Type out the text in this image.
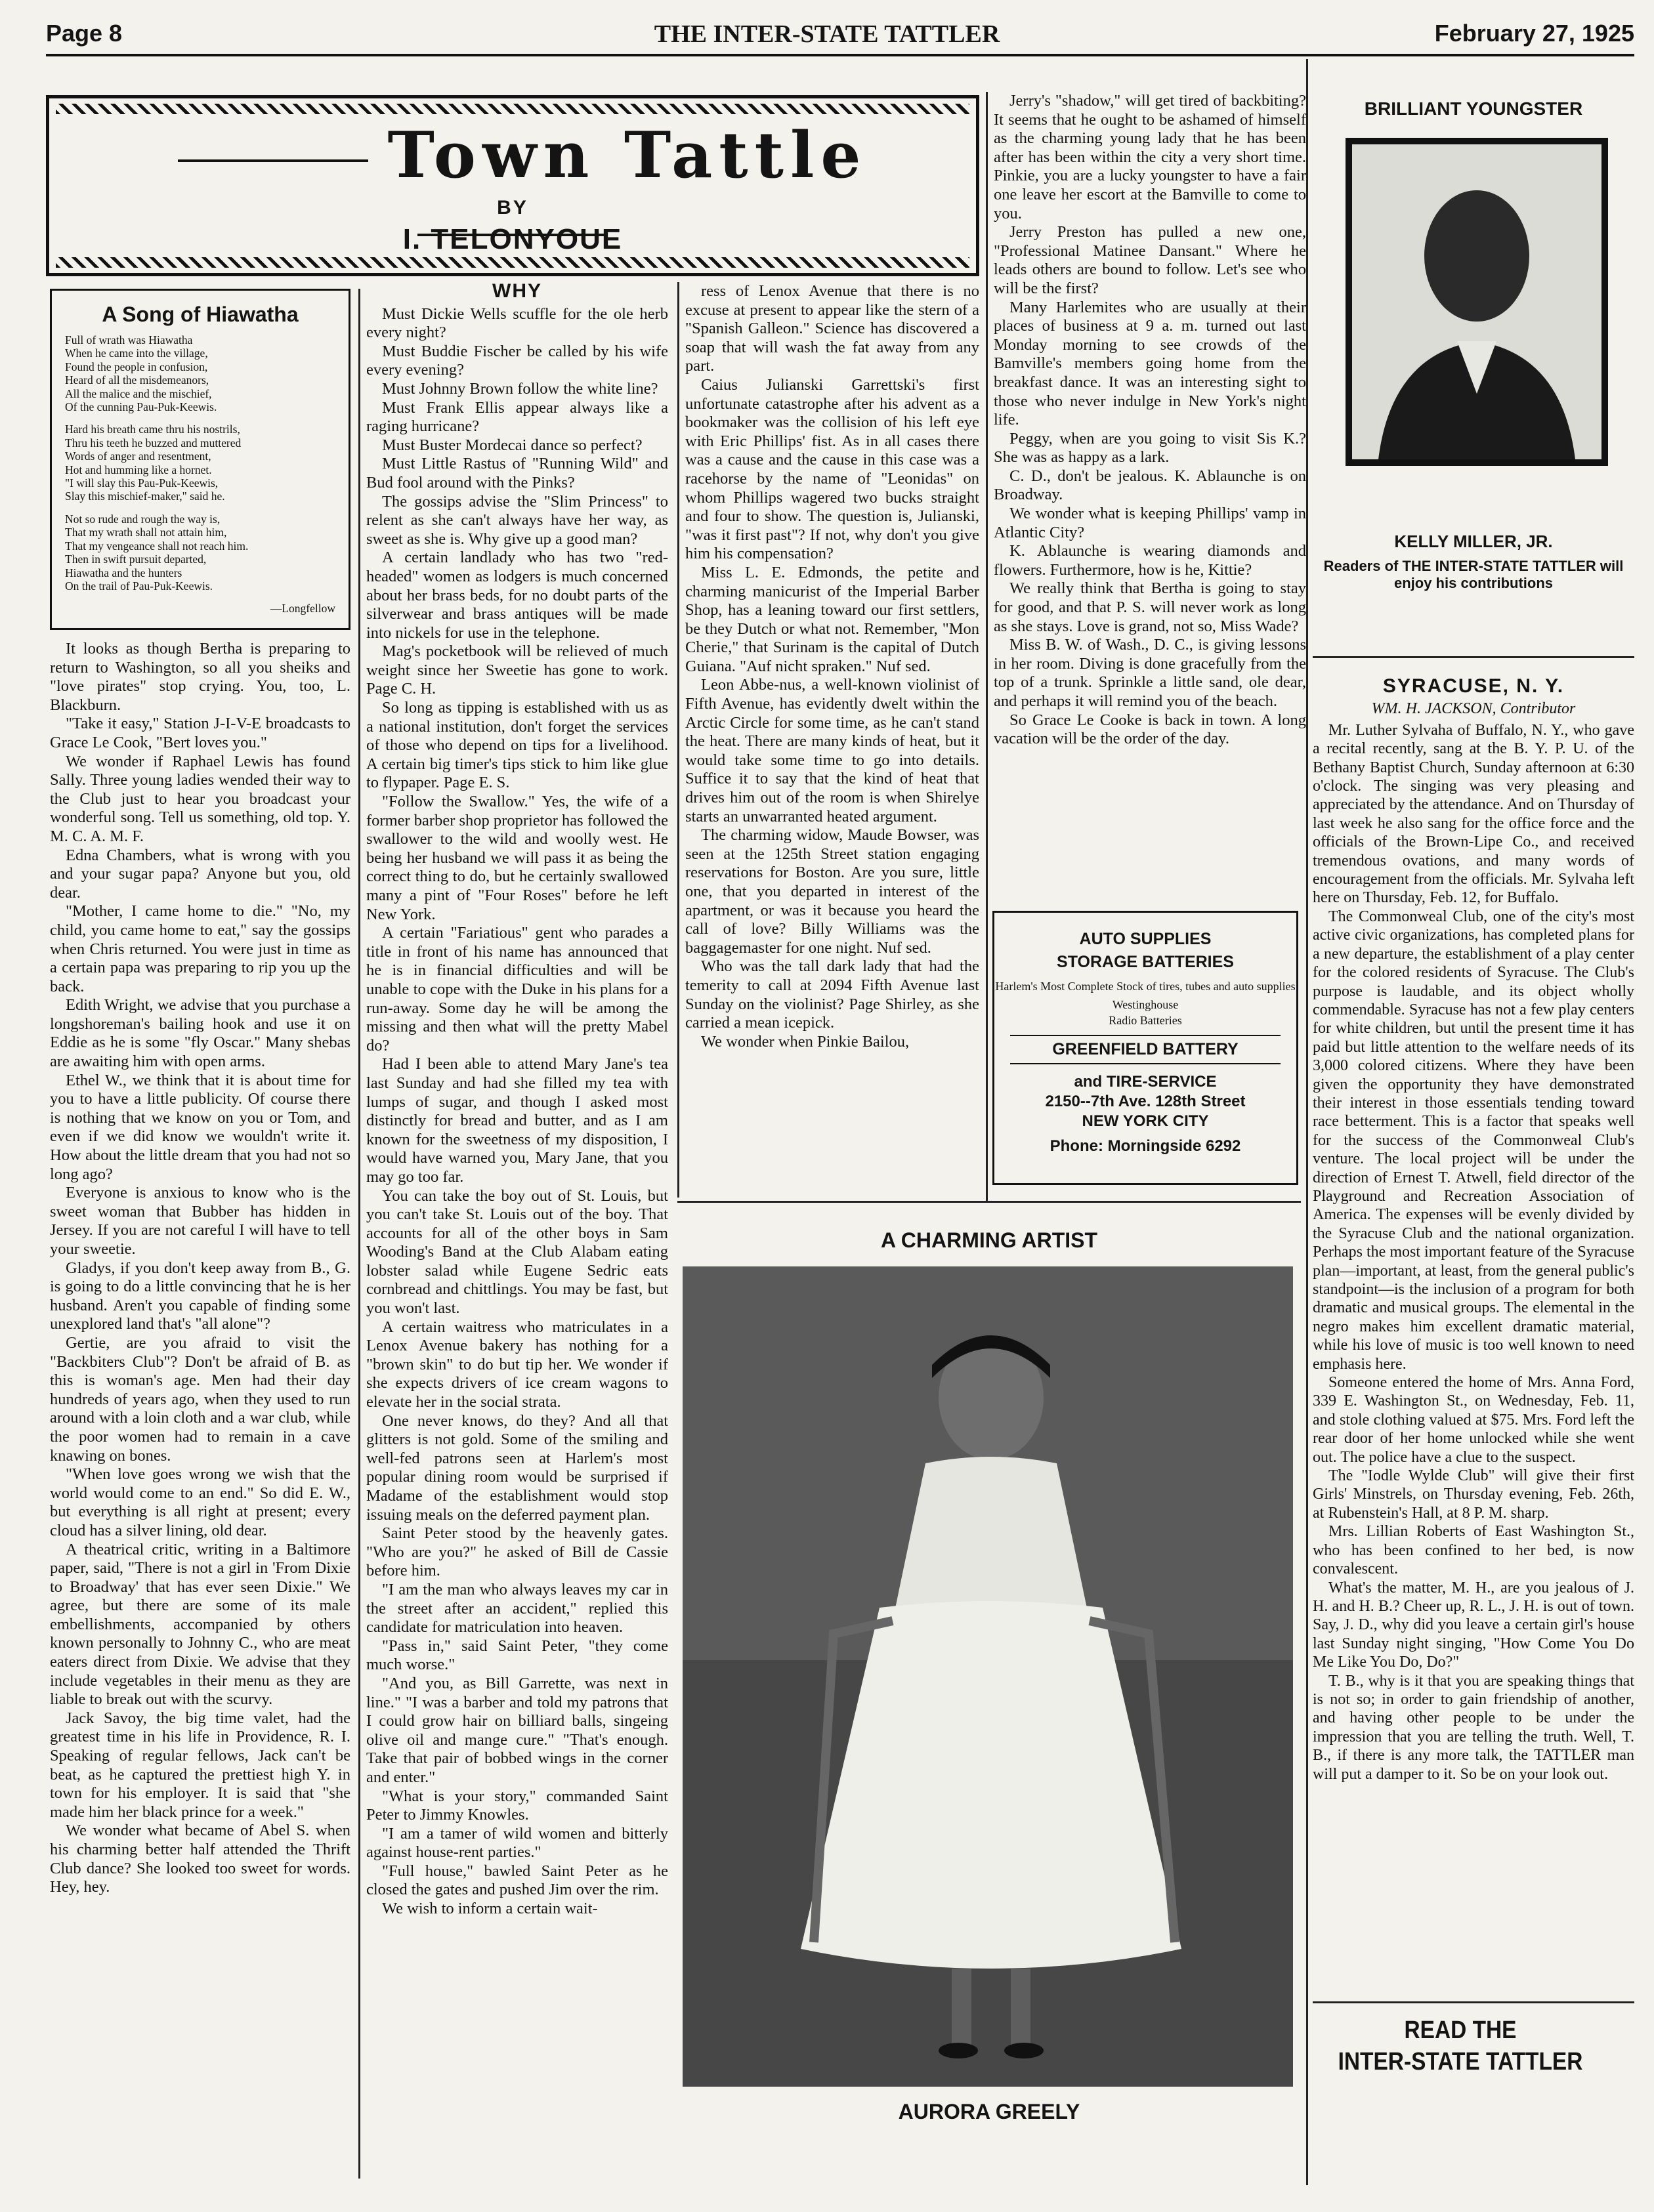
Page 8	THE INTER-STATE TATTLER	February 27, 1925
Town Tattle
BY
I. TELONYOUE
A Song of Hiawatha
Full of wrath was Hiawatha
When he came into the village,
Found the people in confusion,
Heard of all the misdemeanors,
All the malice and the mischief,
Of the cunning Pau-Puk-Keewis.
Hard his breath came thru his nostrils,
Thru his teeth he buzzed and muttered
Words of anger and resentment,
Hot and humming like a hornet.
"I will slay this Pau-Puk-Keewis,
Slay this mischief-maker," said he.
Not so rude and rough the way is,
That my wrath shall not attain him,
That my vengeance shall not reach him.
Then in swift pursuit departed,
Hiawatha and the hunters
On the trail of Pau-Puk-Keewis.
—Longfellow

It looks as though Bertha is preparing to return to Washington, so all you sheiks and "love pirates" stop crying. You, too, L. Blackburn.

"Take it easy," Station J-I-V-E broadcasts to Grace Le Cook, "Bert loves you."

We wonder if Raphael Lewis has found Sally. Three young ladies wended their way to the Club just to hear you broadcast your wonderful song. Tell us something, old top. Y. M. C. A. M. F.

Edna Chambers, what is wrong with you and your sugar papa? Anyone but you, old dear.

"Mother, I came home to die." "No, my child, you came home to eat," say the gossips when Chris returned. You were just in time as a certain papa was preparing to rip you up the back.

Edith Wright, we advise that you purchase a longshoreman's bailing hook and use it on Eddie as he is some "fly Oscar." Many shebas are awaiting him with open arms.

Ethel W., we think that it is about time for you to have a little publicity. Of course there is nothing that we know on you or Tom, and even if we did know we wouldn't write it. How about the little dream that you had not so long ago?

Everyone is anxious to know who is the sweet woman that Bubber has hidden in Jersey. If you are not careful I will have to tell your sweetie.

Gladys, if you don't keep away from B., G. is going to do a little convincing that he is her husband. Aren't you capable of finding some unexplored land that's "all alone"?

Gertie, are you afraid to visit the "Backbiters Club"? Don't be afraid of B. as this is woman's age. Men had their day hundreds of years ago, when they used to run around with a loin cloth and a war club, while the poor women had to remain in a cave knawing on bones.

"When love goes wrong we wish that the world would come to an end." So did E. W., but everything is all right at present; every cloud has a silver lining, old dear.

A theatrical critic, writing in a Baltimore paper, said, "There is not a girl in 'From Dixie to Broadway' that has ever seen Dixie." We agree, but there are some of its male embellishments, accompanied by others known personally to Johnny C., who are meat eaters direct from Dixie. We advise that they include vegetables in their menu as they are liable to break out with the scurvy.

Jack Savoy, the big time valet, had the greatest time in his life in Providence, R. I. Speaking of regular fellows, Jack can't be beat, as he captured the prettiest high Y. in town for his employer. It is said that "she made him her black prince for a week."

We wonder what became of Abel S. when his charming better half attended the Thrift Club dance? She looked too sweet for words. Hey, hey.

WHY

Must Dickie Wells scuffle for the ole herb every night?

Must Buddie Fischer be called by his wife every evening?

Must Johnny Brown follow the white line?

Must Frank Ellis appear always like a raging hurricane?

Must Buster Mordecai dance so perfect?

Must Little Rastus of "Running Wild" and Bud fool around with the Pinks?

The gossips advise the "Slim Princess" to relent as she can't always have her way, as sweet as she is. Why give up a good man?

A certain landlady who has two "red-headed" women as lodgers is much concerned about her brass beds, for no doubt parts of the silverwear and brass antiques will be made into nickels for use in the telephone.

Mag's pocketbook will be relieved of much weight since her Sweetie has gone to work. Page C. H.

So long as tipping is established with us as a national institution, don't forget the services of those who depend on tips for a livelihood. A certain big timer's tips stick to him like glue to flypaper. Page E. S.

"Follow the Swallow." Yes, the wife of a former barber shop proprietor has followed the swallower to the wild and woolly west. He being her husband we will pass it as being the correct thing to do, but he certainly swallowed many a pint of "Four Roses" before he left New York.

A certain "Fariatious" gent who parades a title in front of his name has announced that he is in financial difficulties and will be unable to cope with the Duke in his plans for a run-away. Some day he will be among the missing and then what will the pretty Mabel do?

Had I been able to attend Mary Jane's tea last Sunday and had she filled my tea with lumps of sugar, and though I asked most distinctly for bread and butter, and as I am known for the sweetness of my disposition, I would have warned you, Mary Jane, that you may go too far.

You can take the boy out of St. Louis, but you can't take St. Louis out of the boy. That accounts for all of the other boys in Sam Wooding's Band at the Club Alabam eating lobster salad while Eugene Sedric eats cornbread and chittlings. You may be fast, but you won't last.

A certain waitress who matriculates in a Lenox Avenue bakery has nothing for a "brown skin" to do but tip her. We wonder if she expects drivers of ice cream wagons to elevate her in the social strata.

One never knows, do they? And all that glitters is not gold. Some of the smiling and well-fed patrons seen at Harlem's most popular dining room would be surprised if Madame of the establishment would stop issuing meals on the deferred payment plan.

Saint Peter stood by the heavenly gates. "Who are you?" he asked of Bill de Cassie before him.

"I am the man who always leaves my car in the street after an accident," replied this candidate for matriculation into heaven.

"Pass in," said Saint Peter, "they come much worse."

"And you, as Bill Garrette, was next in line." "I was a barber and told my patrons that I could grow hair on billiard balls, singeing olive oil and mange cure." "That's enough. Take that pair of bobbed wings in the corner and enter."

"What is your story," commanded Saint Peter to Jimmy Knowles.

"I am a tamer of wild women and bitterly against house-rent parties."

"Full house," bawled Saint Peter as he closed the gates and pushed Jim over the rim.

We wish to inform a certain wait-

ress of Lenox Avenue that there is no excuse at present to appear like the stern of a "Spanish Galleon." Science has discovered a soap that will wash the fat away from any part.

Caius Julianski Garrettski's first unfortunate catastrophe after his advent as a bookmaker was the collision of his left eye with Eric Phillips' fist. As in all cases there was a cause and the cause in this case was a racehorse by the name of "Leonidas" on whom Phillips wagered two bucks straight and four to show. The question is, Julianski, "was it first past"? If not, why don't you give him his compensation?

Miss L. E. Edmonds, the petite and charming manicurist of the Imperial Barber Shop, has a leaning toward our first settlers, be they Dutch or what not. Remember, "Mon Cherie," that Surinam is the capital of Dutch Guiana. "Auf nicht spraken." Nuf sed.

Leon Abbe-nus, a well-known violinist of Fifth Avenue, has evidently dwelt within the Arctic Circle for some time, as he can't stand the heat. There are many kinds of heat, but it would take some time to go into details. Suffice it to say that the kind of heat that drives him out of the room is when Shirelye starts an unwarranted heated argument.

The charming widow, Maude Bowser, was seen at the 125th Street station engaging reservations for Boston. Are you sure, little one, that you departed in interest of the apartment, or was it because you heard the call of love? Billy Williams was the baggagemaster for one night. Nuf sed.

Who was the tall dark lady that had the temerity to call at 2094 Fifth Avenue last Sunday on the violinist? Page Shirley, as she carried a mean icepick.

We wonder when Pinkie Bailou,

Jerry's "shadow," will get tired of backbiting? It seems that he ought to be ashamed of himself as the charming young lady that he has been after has been within the city a very short time. Pinkie, you are a lucky youngster to have a fair one leave her escort at the Bamville to come to you.

Jerry Preston has pulled a new one, "Professional Matinee Dansant." Where he leads others are bound to follow. Let's see who will be the first?

Many Harlemites who are usually at their places of business at 9 a. m. turned out last Monday morning to see crowds of the Bamville's members going home from the breakfast dance. It was an interesting sight to those who never indulge in New York's night life.

Peggy, when are you going to visit Sis K.? She was as happy as a lark.

C. D., don't be jealous. K. Ablaunche is on Broadway.

We wonder what is keeping Phillips' vamp in Atlantic City?

K. Ablaunche is wearing diamonds and flowers. Furthermore, how is he, Kittie?

We really think that Bertha is going to stay for good, and that P. S. will never work as long as she stays. Love is grand, not so, Miss Wade?

Miss B. W. of Wash., D. C., is giving lessons in her room. Diving is done gracefully from the top of a trunk. Sprinkle a little sand, ole dear, and perhaps it will remind you of the beach.

So Grace Le Cooke is back in town. A long vacation will be the order of the day.

AUTO SUPPLIES
STORAGE BATTERIES
Harlem's Most Complete Stock of tires, tubes and auto supplies
Westinghouse
Radio Batteries
GREENFIELD BATTERY
and TIRE-SERVICE
2150--7th Ave. 128th Street
NEW YORK CITY
Phone: Morningside 6292
A CHARMING ARTIST
AURORA GREELY
BRILLIANT YOUNGSTER
KELLY MILLER, JR.
Readers of THE INTER-STATE TATTLER will enjoy his contributions
SYRACUSE, N. Y.
WM. H. JACKSON, Contributor

Mr. Luther Sylvaha of Buffalo, N. Y., who gave a recital recently, sang at the B. Y. P. U. of the Bethany Baptist Church, Sunday afternoon at 6:30 o'clock. The singing was very pleasing and appreciated by the attendance. And on Thursday of last week he also sang for the office force and the officials of the Brown-Lipe Co., and received tremendous ovations, and many words of encouragement from the officials. Mr. Sylvaha left here on Thursday, Feb. 12, for Buffalo.

The Commonweal Club, one of the city's most active civic organizations, has completed plans for a new departure, the establishment of a play center for the colored residents of Syracuse. The Club's purpose is laudable, and its object wholly commendable. Syracuse has not a few play centers for white children, but until the present time it has paid but little attention to the welfare needs of its 3,000 colored citizens. Where they have been given the opportunity they have demonstrated their interest in those essentials tending toward race betterment. This is a factor that speaks well for the success of the Commonweal Club's venture. The local project will be under the direction of Ernest T. Atwell, field director of the Playground and Recreation Association of America. The expenses will be evenly divided by the Syracuse Club and the national organization. Perhaps the most important feature of the Syracuse plan—important, at least, from the general public's standpoint—is the inclusion of a program for both dramatic and musical groups. The elemental in the negro makes him excellent dramatic material, while his love of music is too well known to need emphasis here.

Someone entered the home of Mrs. Anna Ford, 339 E. Washington St., on Wednesday, Feb. 11, and stole clothing valued at $75. Mrs. Ford left the rear door of her home unlocked while she went out. The police have a clue to the suspect.

The "Iodle Wylde Club" will give their first Girls' Minstrels, on Thursday evening, Feb. 26th, at Rubenstein's Hall, at 8 P. M. sharp.

Mrs. Lillian Roberts of East Washington St., who has been confined to her bed, is now convalescent.

What's the matter, M. H., are you jealous of J. H. and H. B.? Cheer up, R. L., J. H. is out of town. Say, J. D., why did you leave a certain girl's house last Sunday night singing, "How Come You Do Me Like You Do, Do?"

T. B., why is it that you are speaking things that is not so; in order to gain friendship of another, and having other people to be under the impression that you are telling the truth. Well, T. B., if there is any more talk, the TATTLER man will put a damper to it. So be on your look out.

READ THE
INTER-STATE TATTLER
